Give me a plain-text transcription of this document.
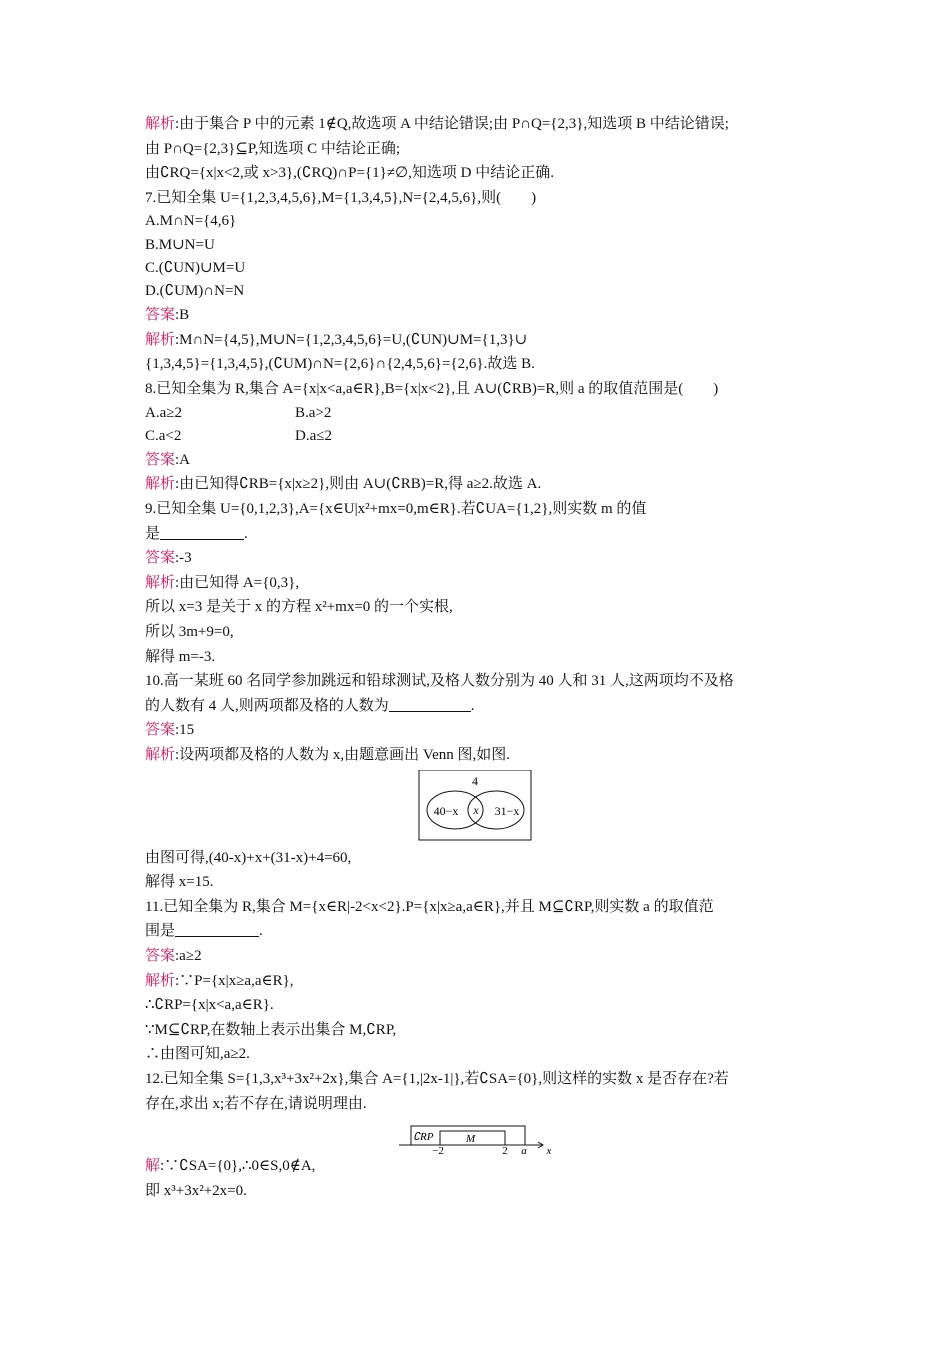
解析:由于集合 P 中的元素 1∉Q,故选项 A 中结论错误;由 P∩Q={2,3},知选项 B 中结论错误;
由 P∩Q={2,3}⊆P,知选项 C 中结论正确;
由∁RQ={x|x<2,或 x>3},(∁RQ)∩P={1}≠∅,知选项 D 中结论正确.
7.已知全集 U={1,2,3,4,5,6},M={1,3,4,5},N={2,4,5,6},则(　　)
A.M∩N={4,6}
B.M∪N=U
C.(∁UN)∪M=U
D.(∁UM)∩N=N
答案:B
解析:M∩N={4,5},M∪N={1,2,3,4,5,6}=U,(∁UN)∪M={1,3}∪
{1,3,4,5}={1,3,4,5},(∁UM)∩N={2,6}∩{2,4,5,6}={2,6}.故选 B.
8.已知全集为 R,集合 A={x|x<a,a∈R},B={x|x<2},且 A∪(∁RB)=R,则 a 的取值范围是(　　)
A.a≥2	B.a>2
C.a<2	D.a≤2
答案:A
解析:由已知得∁RB={x|x≥2},则由 A∪(∁RB)=R,得 a≥2.故选 A.
9.已知全集 U={0,1,2,3},A={x∈U|x²+mx=0,m∈R}.若∁UA={1,2},则实数 m 的值
是	.
答案:-3
解析:由已知得 A={0,3},
所以 x=3 是关于 x 的方程 x²+mx=0 的一个实根,
所以 3m+9=0,
解得 m=-3.
10.高一某班 60 名同学参加跳远和铅球测试,及格人数分别为 40 人和 31 人,这两项均不及格
的人数有 4 人,则两项都及格的人数为	.
答案:15
解析:设两项都及格的人数为 x,由题意画出 Venn 图,如图.
4
40−x x 31−x
由图可得,(40-x)+x+(31-x)+4=60,
解得 x=15.
11.已知全集为 R,集合 M={x∈R|-2<x<2}.P={x|x≥a,a∈R},并且 M⊆∁RP,则实数 a 的取值范
围是	.
答案:a≥2
解析:∵P={x|x≥a,a∈R},
∴∁RP={x|x<a,a∈R}.
∵M⊆∁RP,在数轴上表示出集合 M,∁RP,
∴由图可知,a≥2.
12.已知全集 S={1,3,x³+3x²+2x},集合 A={1,|2x-1|},若∁SA={0},则这样的实数 x 是否存在?若
存在,求出 x;若不存在,请说明理由.
∁RP	M
−2	2 a x
解:∵∁SA={0},∴0∈S,0∉A,
即 x³+3x²+2x=0.
